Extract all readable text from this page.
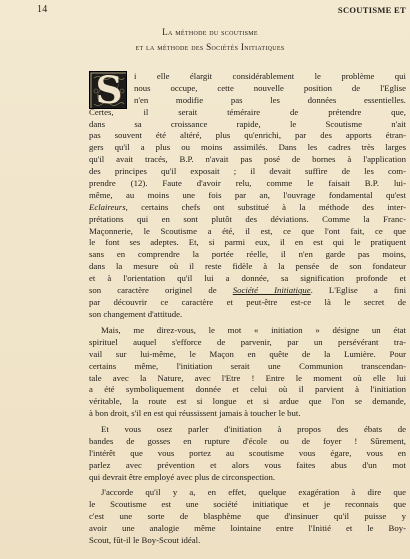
14	SCOUTISME ET
La méthode du scoutisme
et la méthode des Sociétés Initiatiques
S	i elle élargit considérablement le problème qui
nous occupe, cette nouvelle position de l'Eglise
n'en modifie pas les données essentielles.
Certes, il serait téméraire de prétendre que,
dans sa croissance rapide, le Scoutisme n'ait
pas souvent été altéré, plus qu'enrichi, par des apports étran-
gers qu'il a plus ou moins assimilés. Dans les cadres très larges
qu'il avait tracés, B.P. n'avait pas posé de bornes à l'application
des principes qu'il exposait ; il devait suffire de les com-
prendre (12). Faute d'avoir relu, comme le faisait B.P. lui-
même, au moins une fois par an, l'ouvrage fondamental qu'est
Eclaireurs, certains chefs ont substitué à la méthode des inter-
prétations qui en sont plutôt des déviations. Comme la Franc-
Maçonnerie, le Scoutisme a été, il est, ce que l'ont fait, ce que
le font ses adeptes. Et, si parmi eux, il en est qui le pratiquent
sans en comprendre la portée réelle, il n'en garde pas moins,
dans la mesure où il reste fidèle à la pensée de son fondateur
et à l'orientation qu'il lui a donnée, sa signification profonde et
son caractère originel de Société Initiatique. L'Eglise a fini
par découvrir ce caractère et peut-être est-ce là le secret de
son changement d'attitude.
Mais, me direz-vous, le mot « initiation » désigne un état
spirituel auquel s'efforce de parvenir, par un persévérant tra-
vail sur lui-même, le Maçon en quête de la Lumière. Pour
certains même, l'initiation serait une Communion transcendan-
tale avec la Nature, avec l'Etre ! Entre le moment où elle lui
a été symboliquement donnée et celui où il parvient à l'initiation
véritable, la route est si longue et si ardue que l'on se demande,
à bon droit, s'il en est qui réussissent jamais à toucher le but.
Et vous osez parler d'initiation à propos des ébats de
bandes de gosses en rupture d'école ou de foyer ! Sûrement,
l'intérêt que vous portez au scoutisme vous égare, vous en
parlez avec prévention et alors vous faites abus d'un mot
qui devrait être employé avec plus de circonspection.
J'accorde qu'il y a, en effet, quelque exagération à dire que
le Scoutisme est une société initiatique et je reconnais que
c'est une sorte de blasphème que d'insinuer qu'il puisse y
avoir une analogie même lointaine entre l'Initié et le Boy-
Scout, fût-il le Boy-Scout idéal.
